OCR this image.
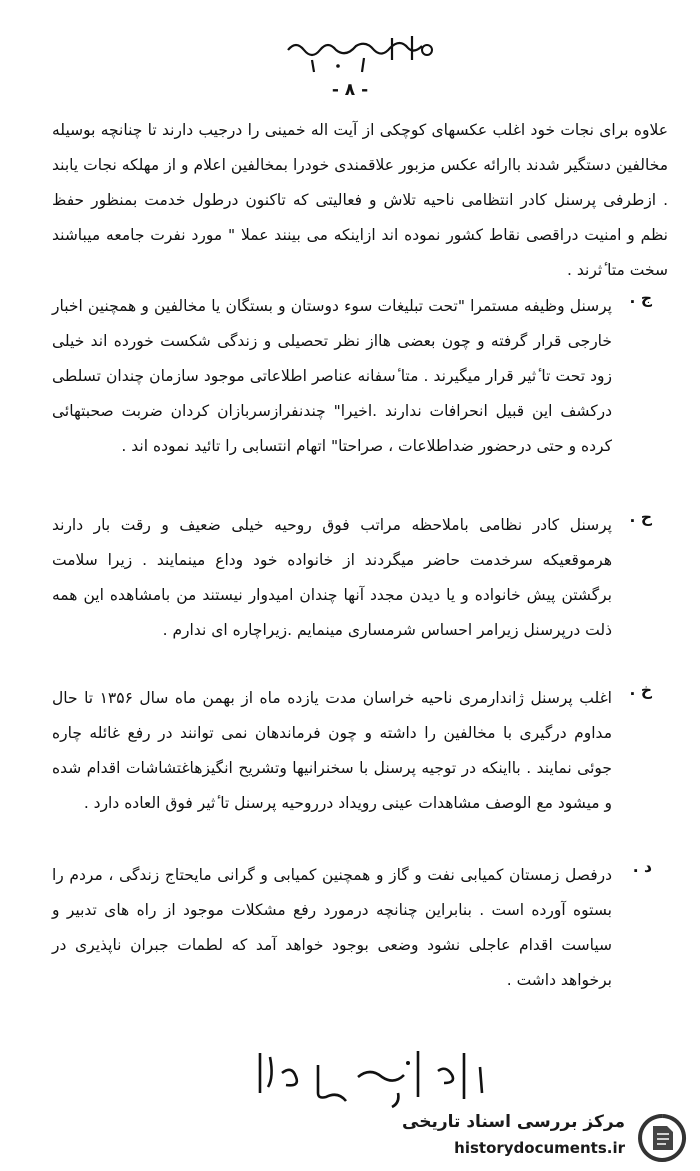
- ۸ -
علاوه برای نجات خود اغلب عکسهای کوچکی از آیت اله خمینی را درجیب دارند تا چنانچه بوسیله مخالفین دستگیر شدند باارائه عکس مزبور علاقمندی خودرا بمخالفین اعلام و از مهلکه نجات یابند . ازطرفی پرسنل کادر انتظامی ناحیه تلاش و فعالیتی که تاکنون درطول خدمت بمنظور حفظ نظم و امنیت دراقصی نقاط کشور نموده اند ازاینکه می بینند عملا " مورد نفرت جامعه میباشند سخت متا ٔثرند .
ج .
پرسنل وظیفه مستمرا "تحت تبلیغات سوء دوستان و بستگان یا مخالفین و همچنین اخبار خارجی قرار گرفته و چون بعضی هااز نظر تحصیلی و زندگی شکست خورده اند خیلی زود تحت تا ٔثیر قرار میگیرند . متا ٔسفانه عناصر اطلاعاتی موجود سازمان چندان تسلطی درکشف این قبیل انحرافات ندارند .اخیرا" چندنفرازسربازان کردان ضربت صحبتهائی کرده و حتی درحضور ضداطلاعات ، صراحتا" اتهام انتسابی را تائید نموده اند .
ح .
پرسنل کادر نظامی باملاحظه مراتب فوق روحیه خیلی ضعیف و رقت بار دارند هرموقعیکه سرخدمت حاضر میگردند از خانواده خود وداع مینمایند . زیرا سلامت برگشتن پیش خانواده و یا دیدن مجدد آنها چندان امیدوار نیستند من بامشاهده این همه ذلت درپرسنل زیرامر احساس شرمساری مینمایم .زیراچاره ای ندارم .
خ .
اغلب پرسنل ژاندارمری ناحیه خراسان مدت یازده ماه از بهمن ماه سال ۱۳۵۶ تا حال مداوم درگیری با مخالفین را داشته و چون فرماندهان نمی توانند در رفع غائله چاره جوئی نمایند . بااینکه در توجیه پرسنل با سخنرانیها وتشریح انگیزهاغتشاشات اقدام شده و میشود مع الوصف مشاهدات عینی رویداد درروحیه پرسنل تا ٔثیر فوق العاده دارد .
د .
درفصل زمستان کمیابی نفت و گاز و همچنین کمیابی و گرانی مایحتاج زندگی ، مردم را بستوه آورده است . بنابراین چنانچه درمورد رفع مشکلات موجود از راه های تدبیر و سیاست اقدام عاجلی نشود وضعی بوجود خواهد آمد که لطمات جبران ناپذیری در برخواهد داشت .
مرکز بررسی اسناد تاریخی
historydocuments.ir
